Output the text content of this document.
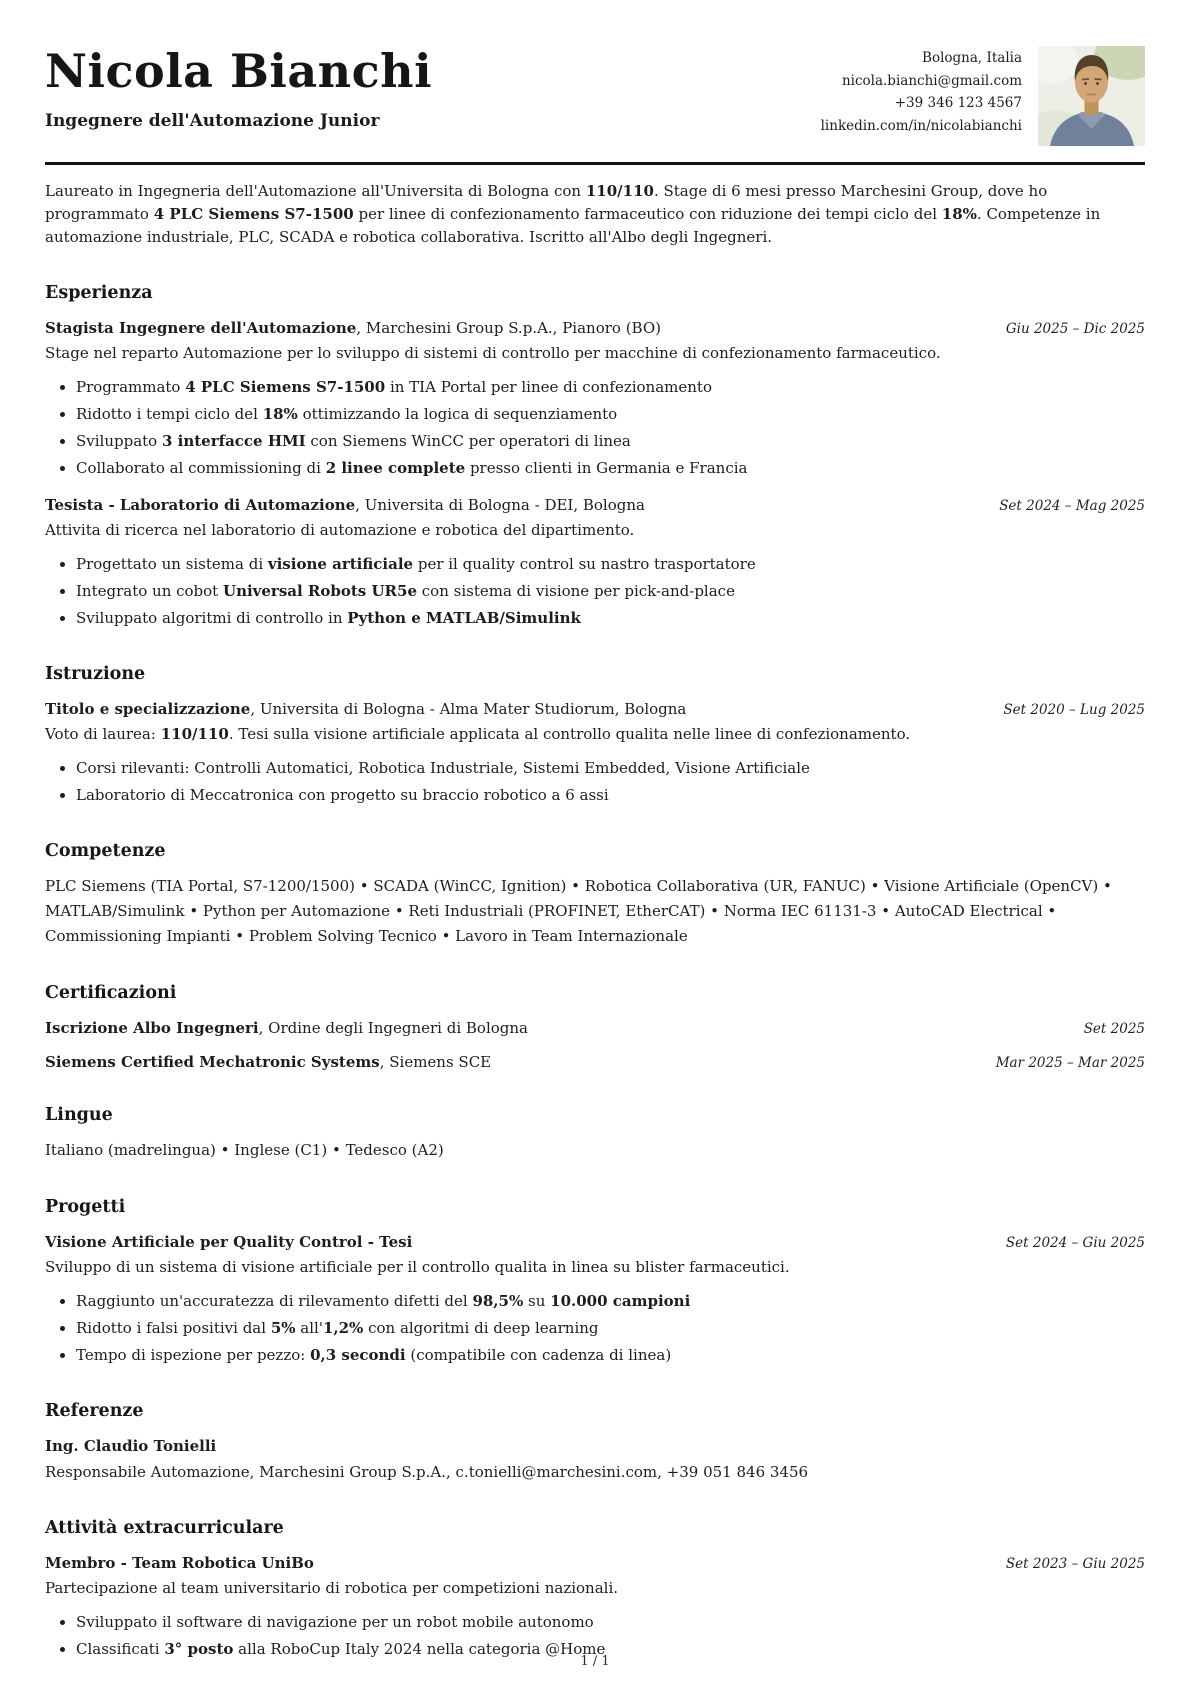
Nicola Bianchi
Ingegnere dell'Automazione Junior
Bologna, Italia
nicola.bianchi@gmail.com
+39 346 123 4567
linkedin.com/in/nicolabianchi

Laureato in Ingegneria dell'Automazione all'Universita di Bologna con 110/110. Stage di 6 mesi presso Marchesini Group, dove ho programmato 4 PLC Siemens S7-1500 per linee di confezionamento farmaceutico con riduzione dei tempi ciclo del 18%. Competenze in automazione industriale, PLC, SCADA e robotica collaborativa. Iscritto all'Albo degli Ingegneri.

Esperienza
Stagista Ingegnere dell'Automazione, Marchesini Group S.p.A., Pianoro (BO)	Giu 2025 – Dic 2025
Stage nel reparto Automazione per lo sviluppo di sistemi di controllo per macchine di confezionamento farmaceutico.
• Programmato 4 PLC Siemens S7-1500 in TIA Portal per linee di confezionamento
• Ridotto i tempi ciclo del 18% ottimizzando la logica di sequenziamento
• Sviluppato 3 interfacce HMI con Siemens WinCC per operatori di linea
• Collaborato al commissioning di 2 linee complete presso clienti in Germania e Francia
Tesista - Laboratorio di Automazione, Universita di Bologna - DEI, Bologna	Set 2024 – Mag 2025
Attivita di ricerca nel laboratorio di automazione e robotica del dipartimento.
• Progettato un sistema di visione artificiale per il quality control su nastro trasportatore
• Integrato un cobot Universal Robots UR5e con sistema di visione per pick-and-place
• Sviluppato algoritmi di controllo in Python e MATLAB/Simulink
Istruzione
Titolo e specializzazione, Universita di Bologna - Alma Mater Studiorum, Bologna	Set 2020 – Lug 2025
Voto di laurea: 110/110. Tesi sulla visione artificiale applicata al controllo qualita nelle linee di confezionamento.
• Corsi rilevanti: Controlli Automatici, Robotica Industriale, Sistemi Embedded, Visione Artificiale
• Laboratorio di Meccatronica con progetto su braccio robotico a 6 assi
Competenze

PLC Siemens (TIA Portal, S7-1200/1500) • SCADA (WinCC, Ignition) • Robotica Collaborativa (UR, FANUC) • Visione Artificiale (OpenCV) • MATLAB/Simulink • Python per Automazione • Reti Industriali (PROFINET, EtherCAT) • Norma IEC 61131-3 • AutoCAD Electrical • Commissioning Impianti • Problem Solving Tecnico • Lavoro in Team Internazionale

Certificazioni
Iscrizione Albo Ingegneri, Ordine degli Ingegneri di Bologna	Set 2025
Siemens Certified Mechatronic Systems, Siemens SCE	Mar 2025 – Mar 2025
Lingue

Italiano (madrelingua) • Inglese (C1) • Tedesco (A2)

Progetti
Visione Artificiale per Quality Control - Tesi	Set 2024 – Giu 2025
Sviluppo di un sistema di visione artificiale per il controllo qualita in linea su blister farmaceutici.
• Raggiunto un'accuratezza di rilevamento difetti del 98,5% su 10.000 campioni
• Ridotto i falsi positivi dal 5% all'1,2% con algoritmi di deep learning
• Tempo di ispezione per pezzo: 0,3 secondi (compatibile con cadenza di linea)
Referenze
Ing. Claudio Tonielli
Responsabile Automazione, Marchesini Group S.p.A., c.tonielli@marchesini.com, +39 051 846 3456
Attività extracurriculare
Membro - Team Robotica UniBo	Set 2023 – Giu 2025
Partecipazione al team universitario di robotica per competizioni nazionali.
• Sviluppato il software di navigazione per un robot mobile autonomo
• Classificati 3° posto alla RoboCup Italy 2024 nella categoria @Home
1 / 1
